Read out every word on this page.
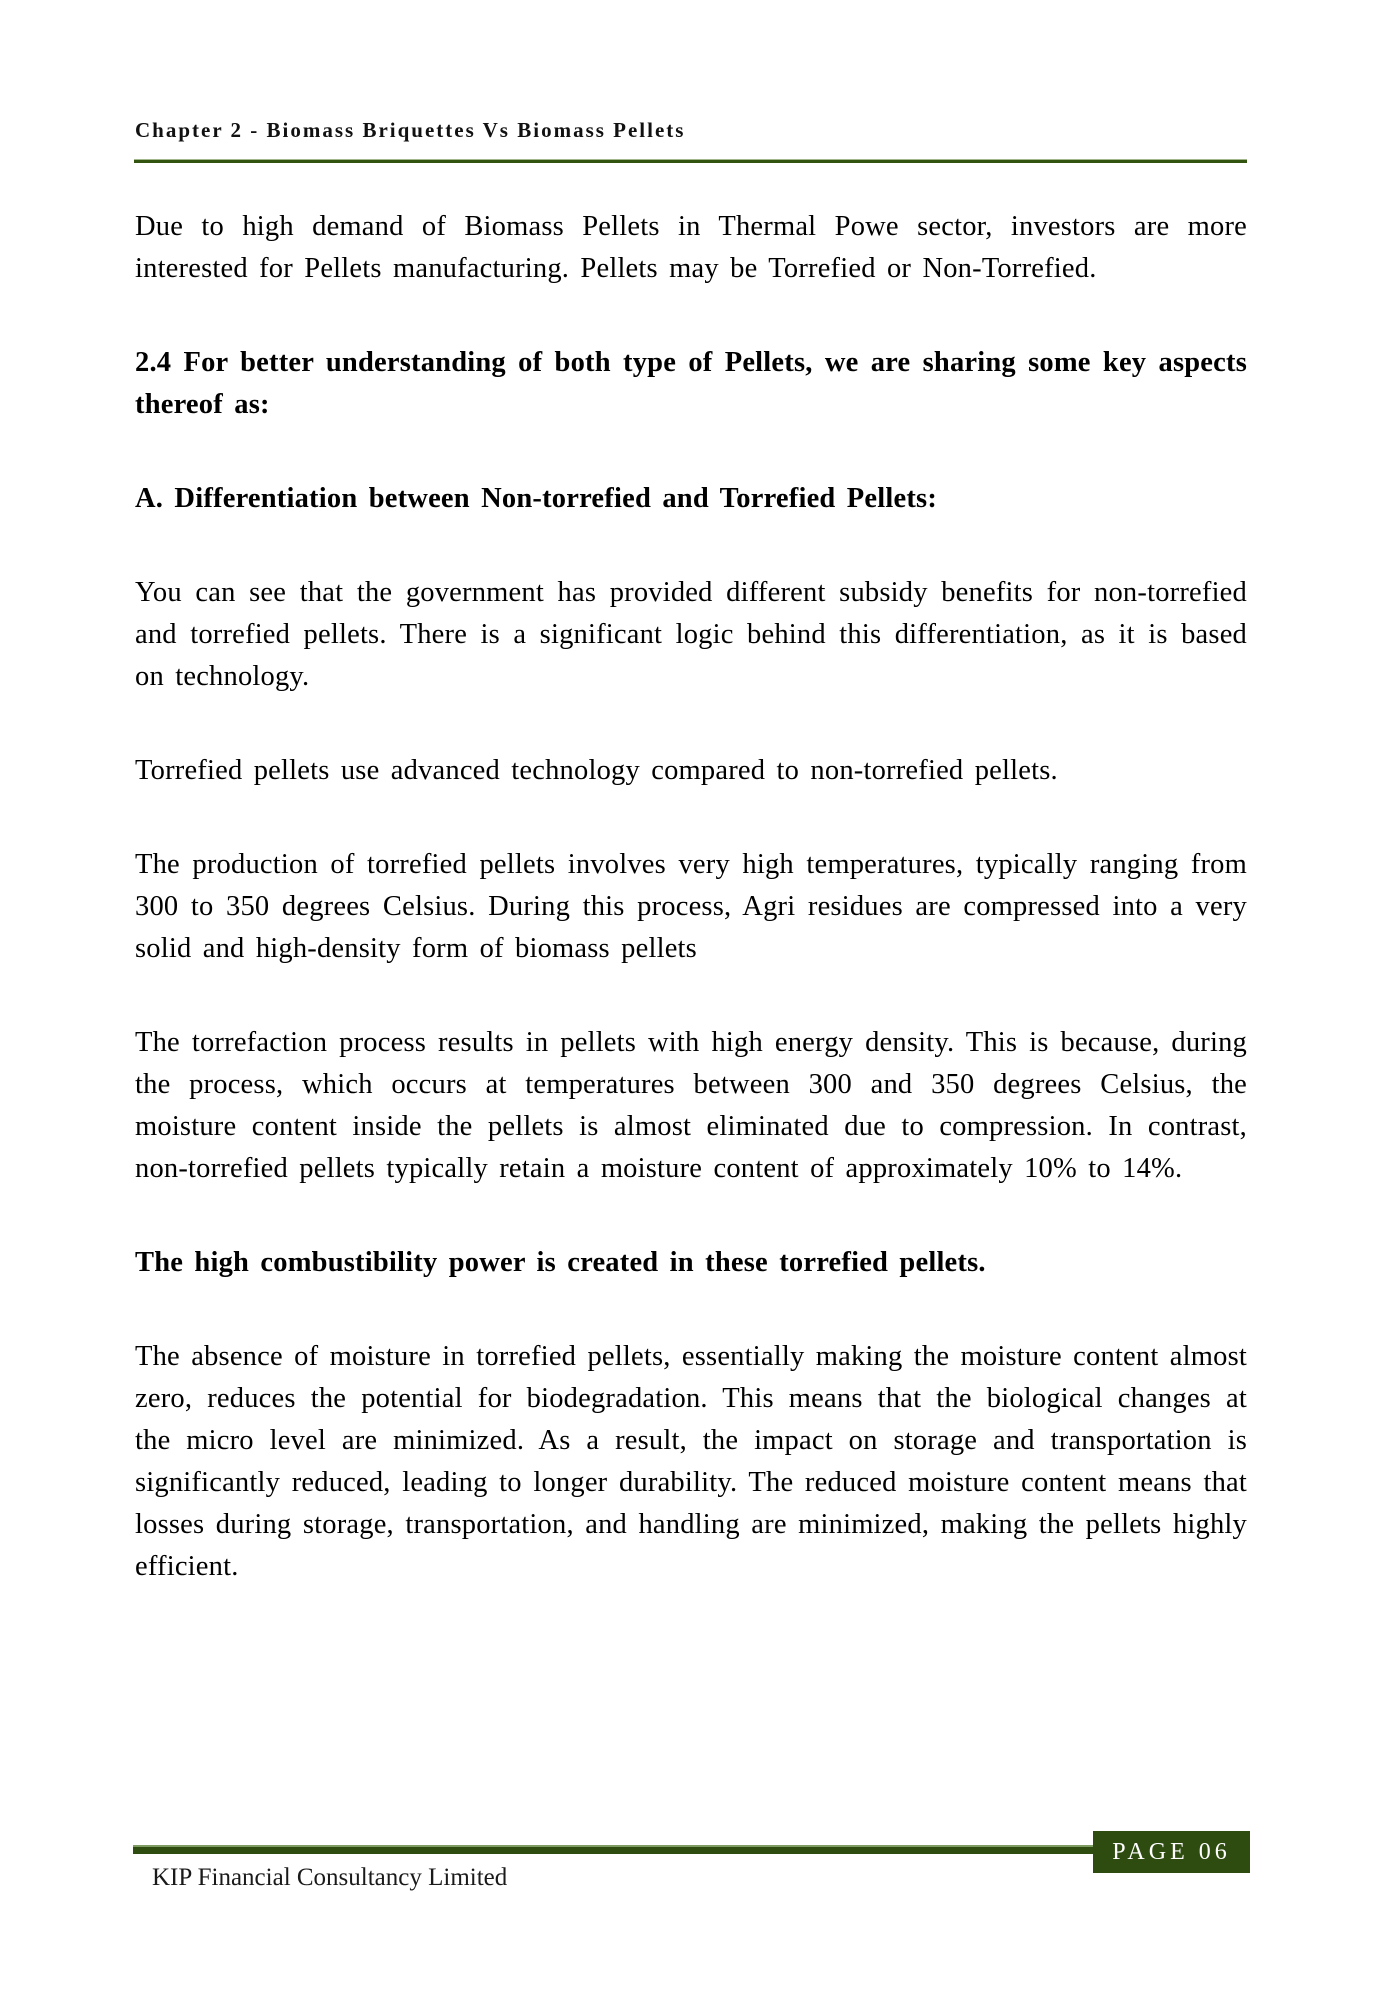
Chapter 2 - Biomass Briquettes Vs Biomass Pellets

Due to high demand of Biomass Pellets in Thermal Powe sector, investors are more interested for Pellets manufacturing. Pellets may be Torrefied or Non-Torrefied.

2.4 For better understanding of both type of Pellets, we are sharing some key aspects thereof as:

A. Differentiation between Non-torrefied and Torrefied Pellets:

You can see that the government has provided different subsidy benefits for non-torrefied and torrefied pellets. There is a significant logic behind this differentiation, as it is based on technology.

Torrefied pellets use advanced technology compared to non-torrefied pellets.

The production of torrefied pellets involves very high temperatures, typically ranging from 300 to 350 degrees Celsius. During this process, Agri residues are compressed into a very solid and high-density form of biomass pellets

The torrefaction process results in pellets with high energy density. This is because, during the process, which occurs at temperatures between 300 and 350 degrees Celsius, the moisture content inside the pellets is almost eliminated due to compression. In contrast, non-torrefied pellets typically retain a moisture content of approximately 10% to 14%.

The high combustibility power is created in these torrefied pellets.

The absence of moisture in torrefied pellets, essentially making the moisture content almost zero, reduces the potential for biodegradation. This means that the biological changes at the micro level are minimized. As a result, the impact on storage and transportation is significantly reduced, leading to longer durability. The reduced moisture content means that losses during storage, transportation, and handling are minimized, making the pellets highly efficient.

PAGE 06
KIP Financial Consultancy Limited
